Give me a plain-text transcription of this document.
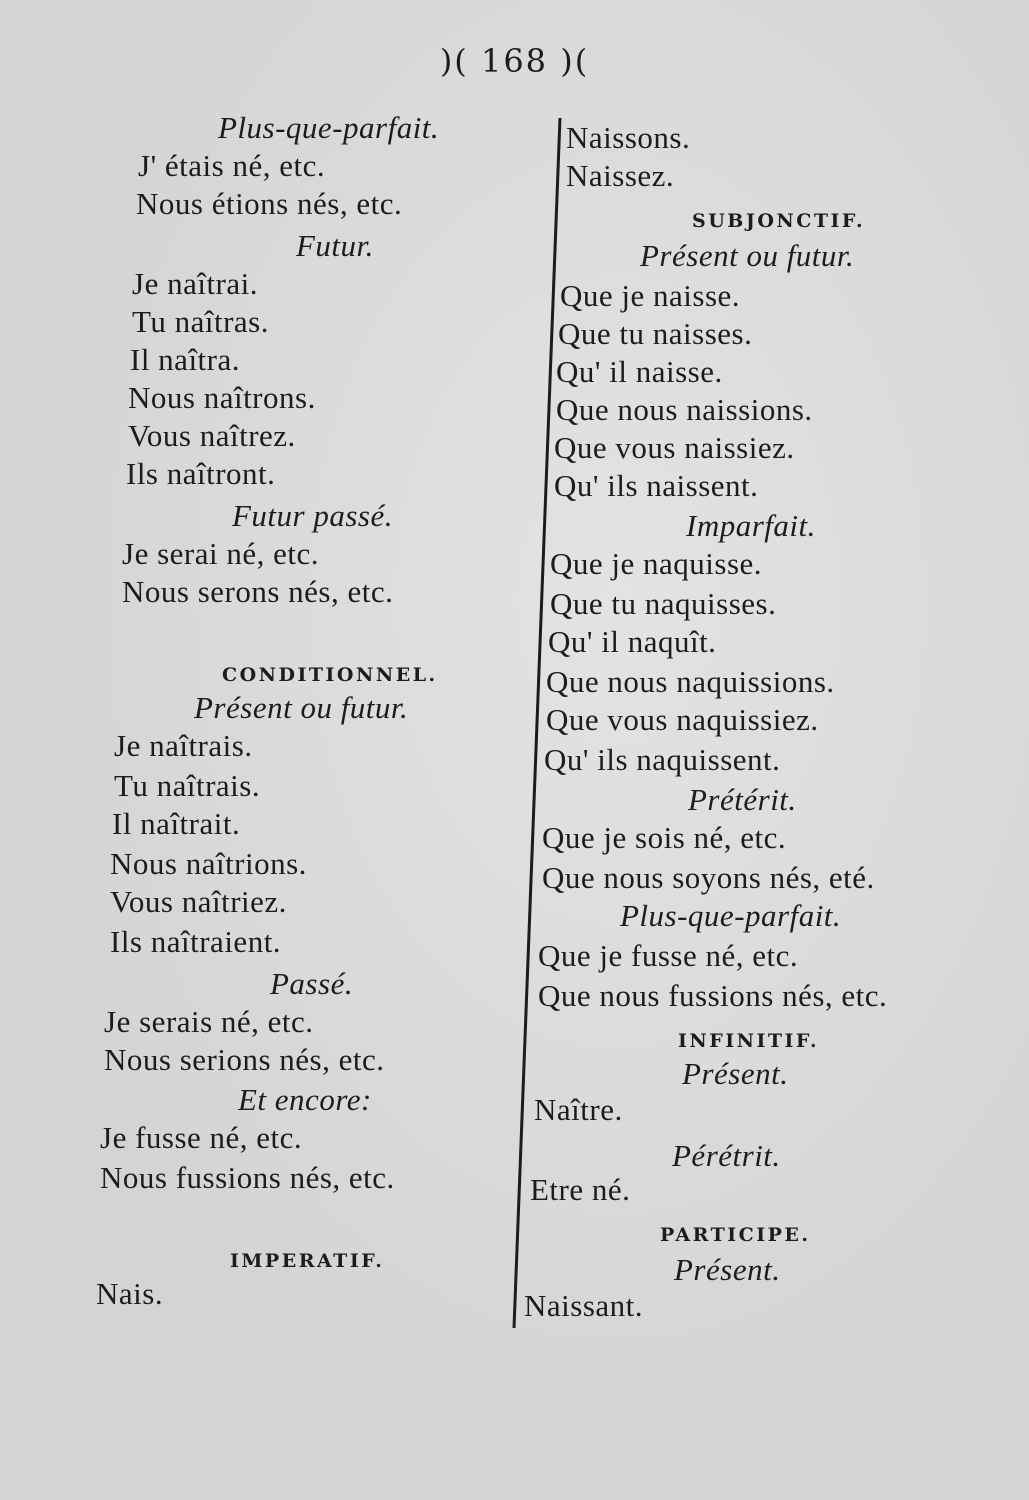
)( 168 )(
Plus-que-parfait.
J' étais né, etc.
Nous étions nés, etc.
Futur.
Je naîtrai.
Tu naîtras.
Il naîtra.
Nous naîtrons.
Vous naîtrez.
Ils naîtront.
Futur passé.
Je serai né, etc.
Nous serons nés, etc.
CONDITIONNEL.
Présent ou futur.
Je naîtrais.
Tu naîtrais.
Il naîtrait.
Nous naîtrions.
Vous naîtriez.
Ils naîtraient.
Passé.
Je serais né, etc.
Nous serions nés, etc.
Et encore:
Je fusse né, etc.
Nous fussions nés, etc.
IMPERATIF.
Nais.
Naissons.
Naissez.
SUBJONCTIF.
Présent ou futur.
Que je naisse.
Que tu naisses.
Qu' il naisse.
Que nous naissions.
Que vous naissiez.
Qu' ils naissent.
Imparfait.
Que je naquisse.
Que tu naquisses.
Qu' il naquît.
Que nous naquissions.
Que vous naquissiez.
Qu' ils naquissent.
Prétérit.
Que je sois né, etc.
Que nous soyons nés, eté.
Plus-que-parfait.
Que je fusse né, etc.
Que nous fussions nés, etc.
INFINITIF.
Présent.
Naître.
Pérétrit.
Etre né.
PARTICIPE.
Présent.
Naissant.
